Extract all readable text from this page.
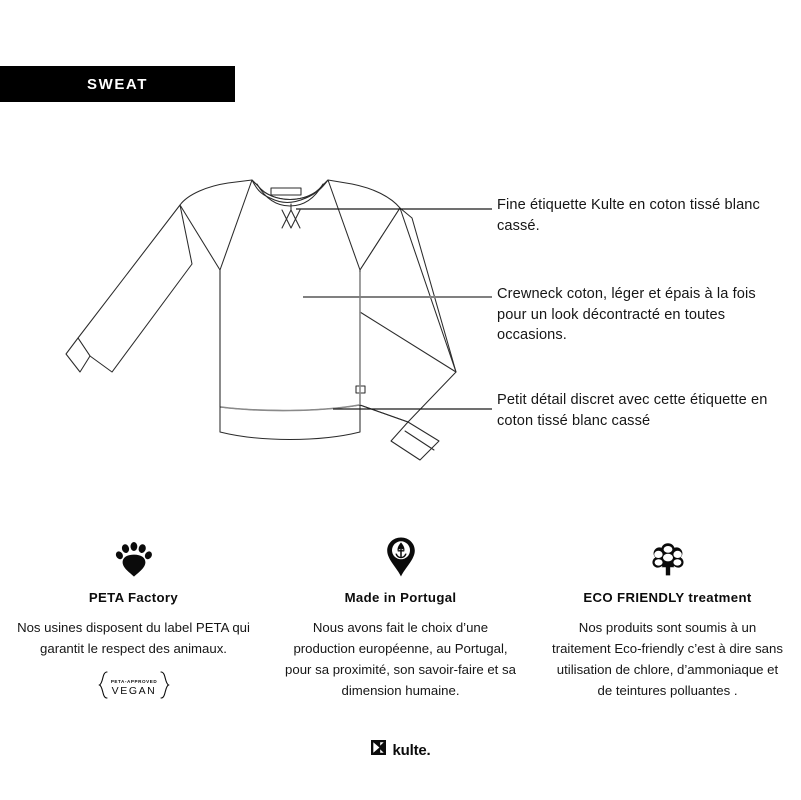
SWEAT
Fine étiquette Kulte en coton tissé blanc cassé.
Crewneck coton, léger et épais à la fois pour un look décontracté en toutes occasions.
Petit détail discret avec cette étiquette en coton tissé blanc cassé
PETA Factory
Nos usines disposent du label PETA qui garantit le respect des animaux.
PETA-APPROVED
VEGAN
Made in Portugal
Nous avons fait le choix d’une production européenne, au Portugal, pour sa proximité, son savoir-faire et sa dimension humaine.
ECO FRIENDLY treatment
Nos produits sont soumis à un traitement Eco-friendly c’est à dire sans utilisation de chlore, d’ammoniaque et de teintures polluantes .
kulte.
